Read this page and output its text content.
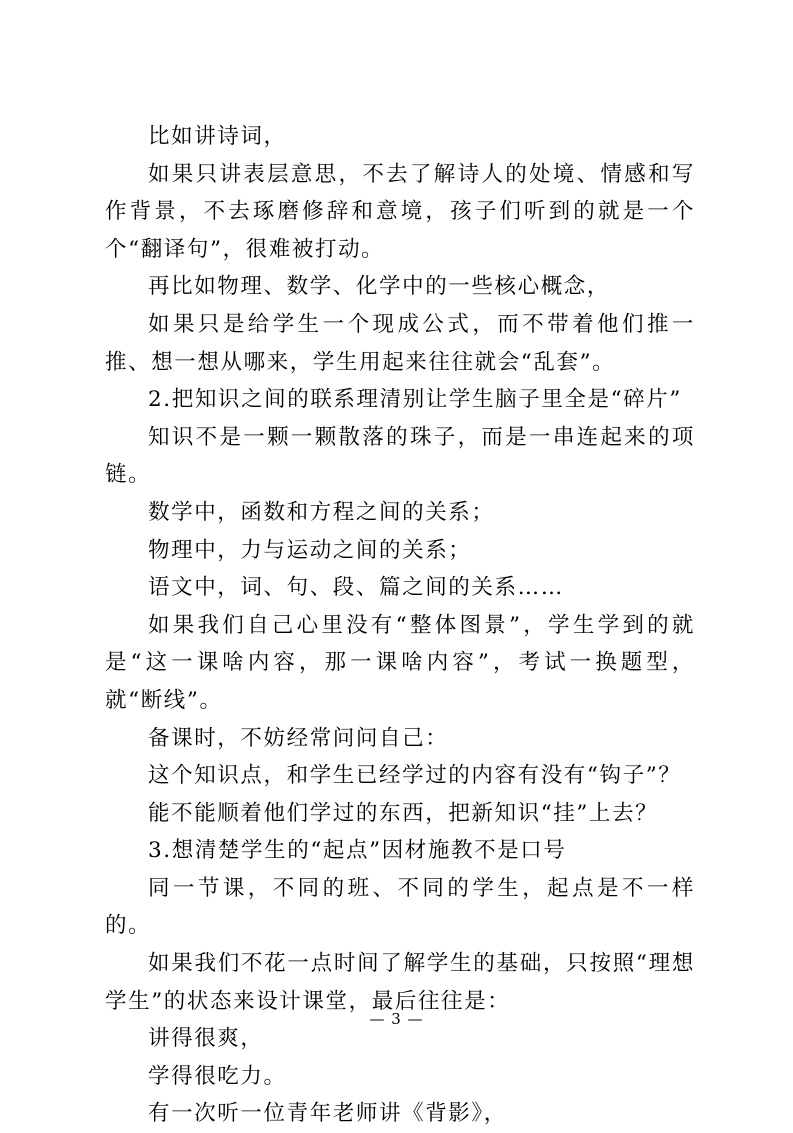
比如讲诗词，

如果只讲表层意思，不去了解诗人的处境、情感和写作背景，不去琢磨修辞和意境，孩子们听到的就是一个个“翻译句”，很难被打动。

再比如物理、数学、化学中的一些核心概念，

如果只是给学生一个现成公式，而不带着他们推一推、想一想从哪来，学生用起来往往就会“乱套”。

2.把知识之间的联系理清别让学生脑子里全是“碎片”

知识不是一颗一颗散落的珠子，而是一串连起来的项链。

数学中，函数和方程之间的关系；

物理中，力与运动之间的关系；

语文中，词、句、段、篇之间的关系……

如果我们自己心里没有“整体图景”，学生学到的就是“这一课啥内容，那一课啥内容”，考试一换题型，就“断线”。

备课时，不妨经常问问自己：

这个知识点，和学生已经学过的内容有没有“钩子”？

能不能顺着他们学过的东西，把新知识“挂”上去？

3.想清楚学生的“起点”因材施教不是口号

同一节课，不同的班、不同的学生，起点是不一样的。

如果我们不花一点时间了解学生的基础，只按照“理想学生”的状态来设计课堂，最后往往是：

讲得很爽，

学得很吃力。

有一次听一位青年老师讲《背影》，

— 3 —
